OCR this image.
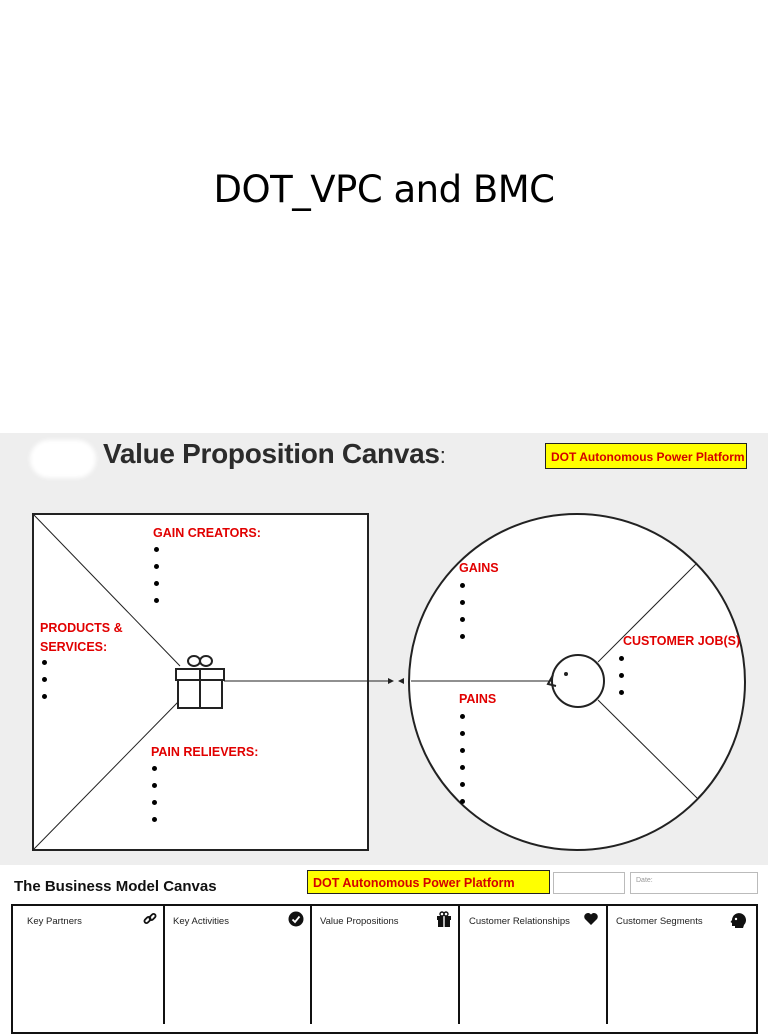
DOT_VPC and BMC
Value Proposition Canvas:	DOT Autonomous Power Platform
GAIN CREATORS:
PRODUCTS &
SERVICES:
PAIN RELIEVERS:
GAINS
CUSTOMER JOB(S)
PAINS
The Business Model Canvas	DOT Autonomous Power Platform	Date:
Key Partners	Key Activities	Value Propositions	Customer Relationships	Customer Segments
